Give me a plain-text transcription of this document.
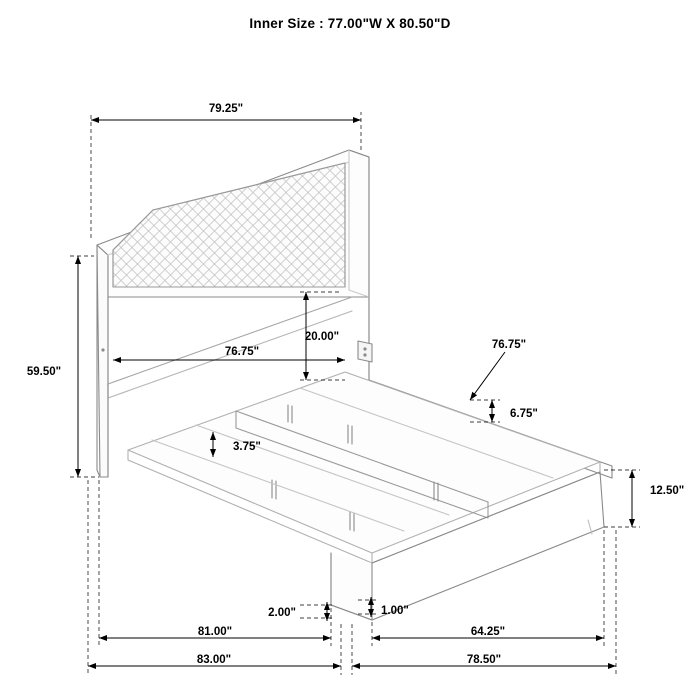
Inner Size : 77.00"W X 80.50"D
79.25"
59.50"
76.75"
20.00"
3.75"
76.75"
6.75"
12.50"
2.00"	1.00"
81.00"
83.00"
64.25"
78.50"
